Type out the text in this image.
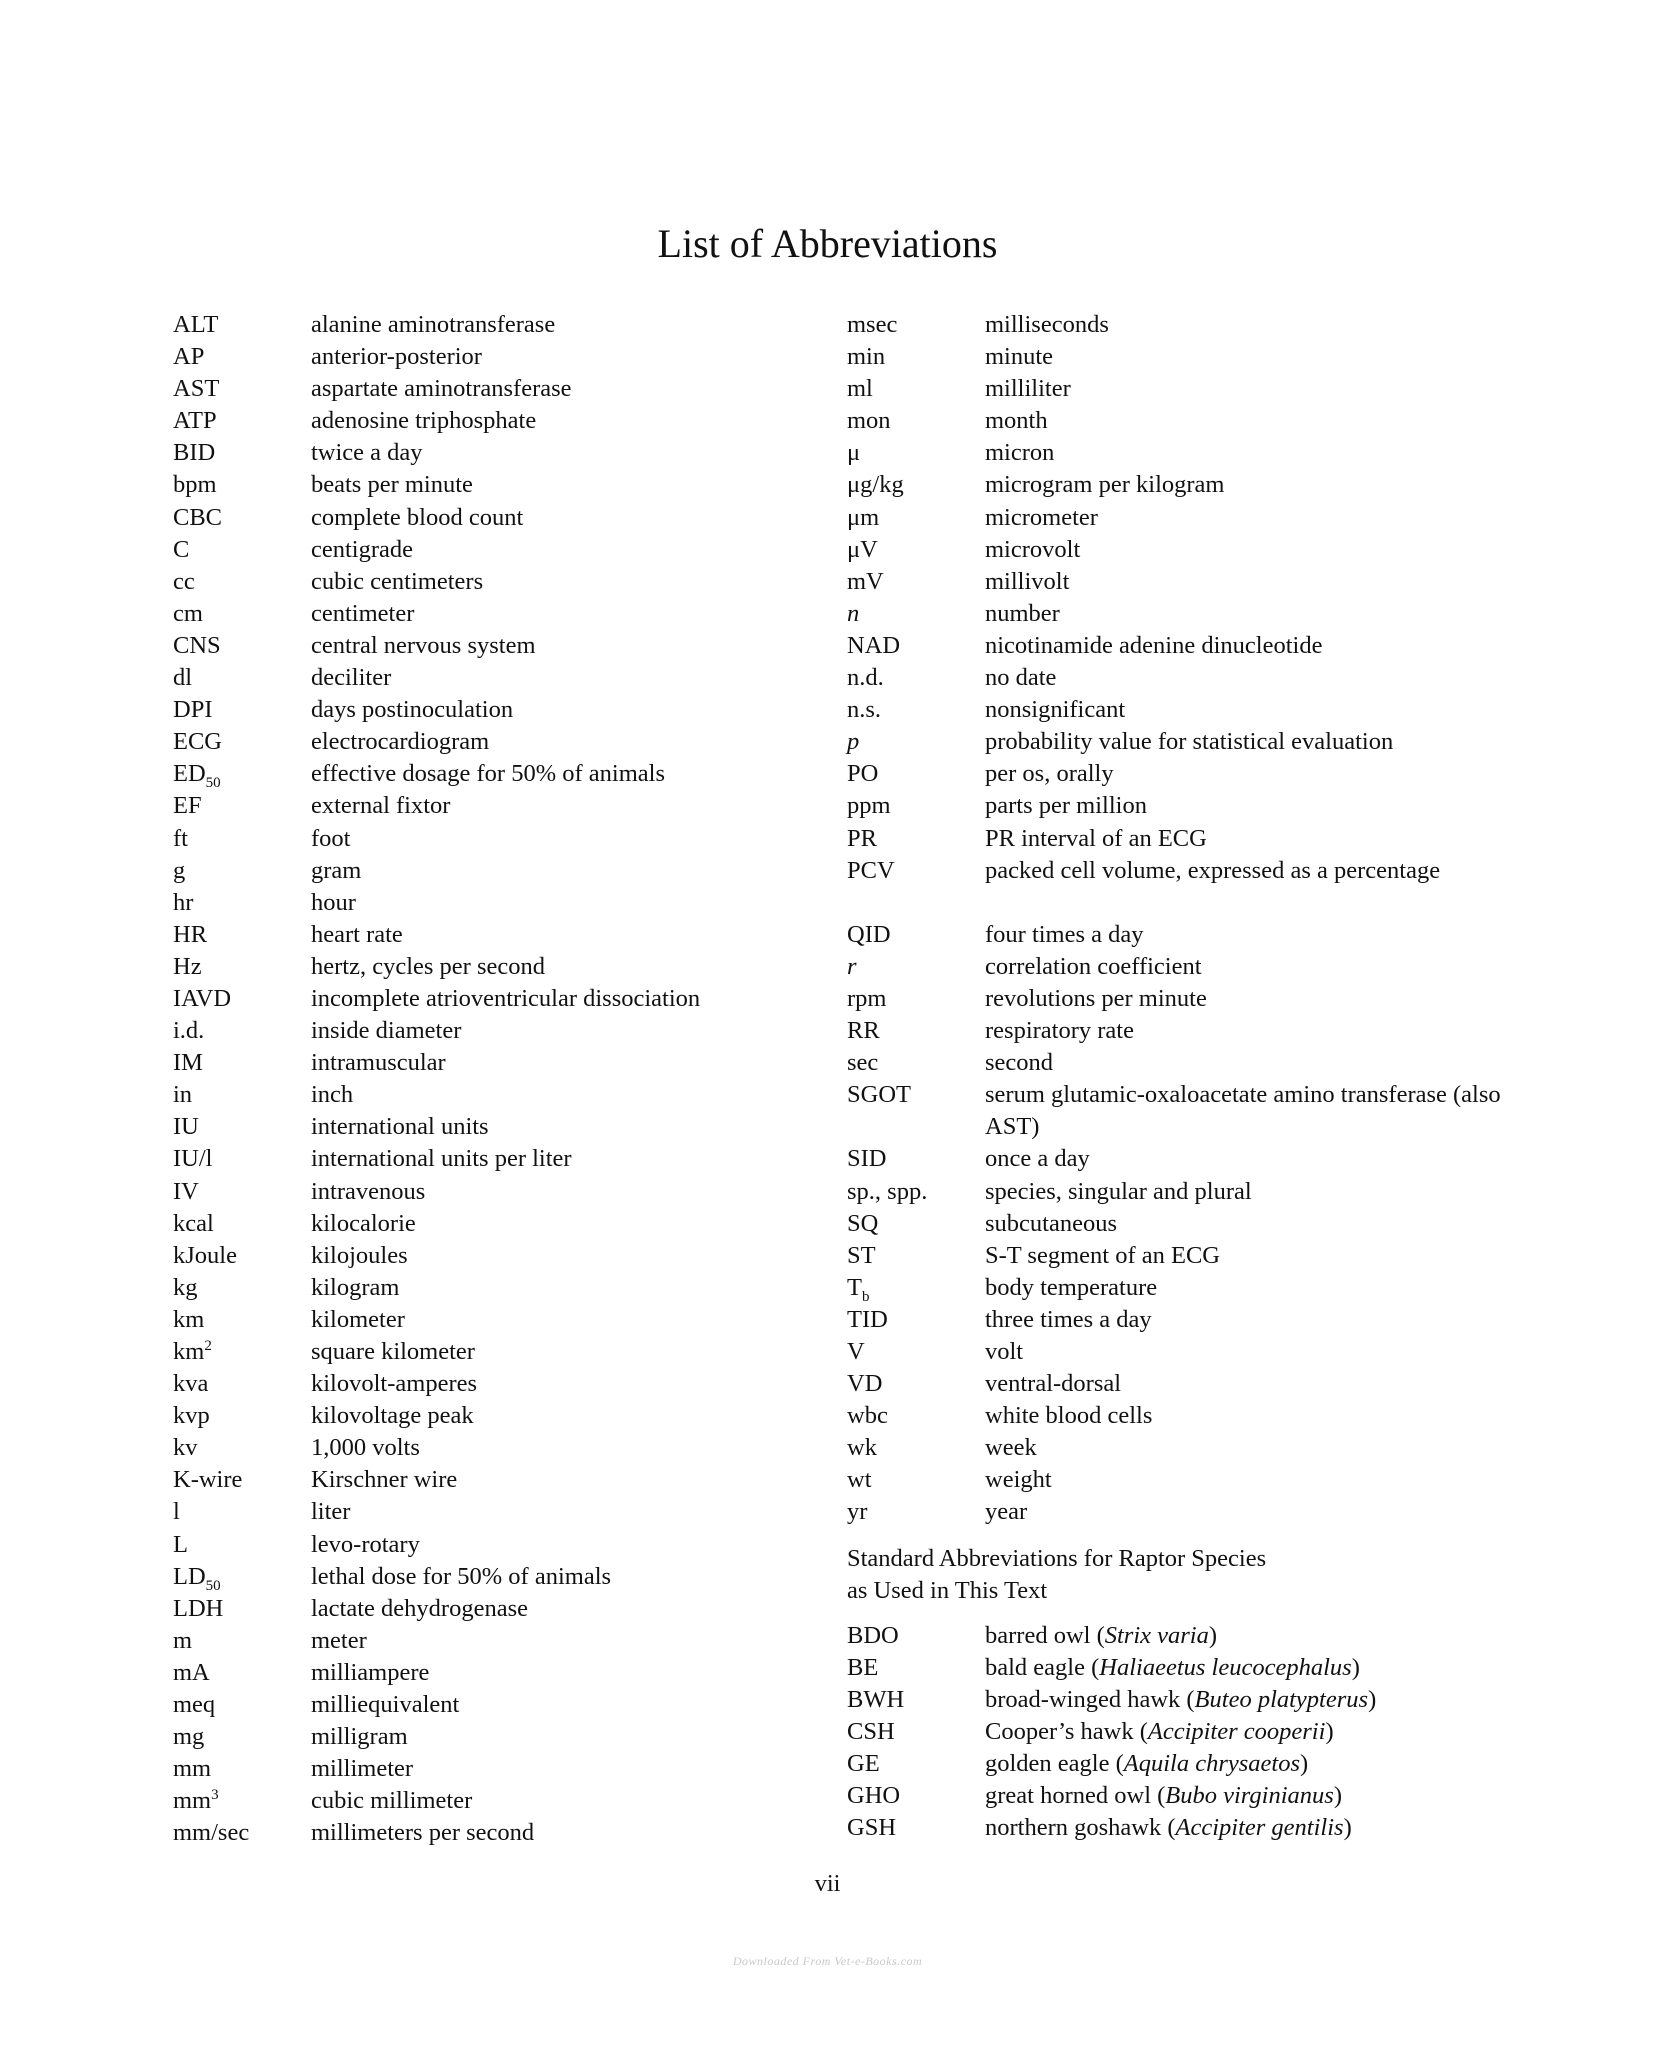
List of Abbreviations
ALT	alanine aminotransferase
AP	anterior-posterior
AST	aspartate aminotransferase
ATP	adenosine triphosphate
BID	twice a day
bpm	beats per minute
CBC	complete blood count
C	centigrade
cc	cubic centimeters
cm	centimeter
CNS	central nervous system
dl	deciliter
DPI	days postinoculation
ECG	electrocardiogram
$ED_{50}$	effective dosage for 50% of animals
EF	external fixtor
ft	foot
g	gram
hr	hour
HR	heart rate
Hz	hertz, cycles per second
IAVD	incomplete atrioventricular dissociation
i.d.	inside diameter
IM	intramuscular
in	inch
IU	international units
IU/l	international units per liter
IV	intravenous
kcal	kilocalorie
kJoule	kilojoules
kg	kilogram
km	kilometer
$km^2$	square kilometer
kva	kilovolt-amperes
kvp	kilovoltage peak
kv	1,000 volts
K-wire	Kirschner wire
l	liter
L	levo-rotary
$LD_{50}$	lethal dose for 50% of animals
LDH	lactate dehydrogenase
m	meter
mA	milliampere
meq	milliequivalent
mg	milligram
mm	millimeter
$mm^3$	cubic millimeter
mm/sec	millimeters per second
msec	milliseconds
min	minute
ml	milliliter
mon	month
μ	micron
μg/kg	microgram per kilogram
μm	micrometer
μV	microvolt
mV	millivolt
n	number
NAD	nicotinamide adenine dinucleotide
n.d.	no date
n.s.	nonsignificant
p	probability value for statistical evaluation
PO	per os, orally
ppm	parts per million
PR	PR interval of an ECG
PCV	packed cell volume, expressed as a percentage
QID	four times a day
r	correlation coefficient
rpm	revolutions per minute
RR	respiratory rate
sec	second
SGOT	serum glutamic-oxaloacetate amino transferase (also AST)
SID	once a day
sp., spp.	species, singular and plural
SQ	subcutaneous
ST	S-T segment of an ECG
$T_b$	body temperature
TID	three times a day
V	volt
VD	ventral-dorsal
wbc	white blood cells
wk	week
wt	weight
yr	year
Standard Abbreviations for Raptor Species
as Used in This Text
BDO	barred owl (Strix varia)
BE	bald eagle (Haliaeetus leucocephalus)
BWH	broad-winged hawk (Buteo platypterus)
CSH	Cooper’s hawk (Accipiter cooperii)
GE	golden eagle (Aquila chrysaetos)
GHO	great horned owl (Bubo virginianus)
GSH	northern goshawk (Accipiter gentilis)
vii
Downloaded From Vet-e-Books.com
